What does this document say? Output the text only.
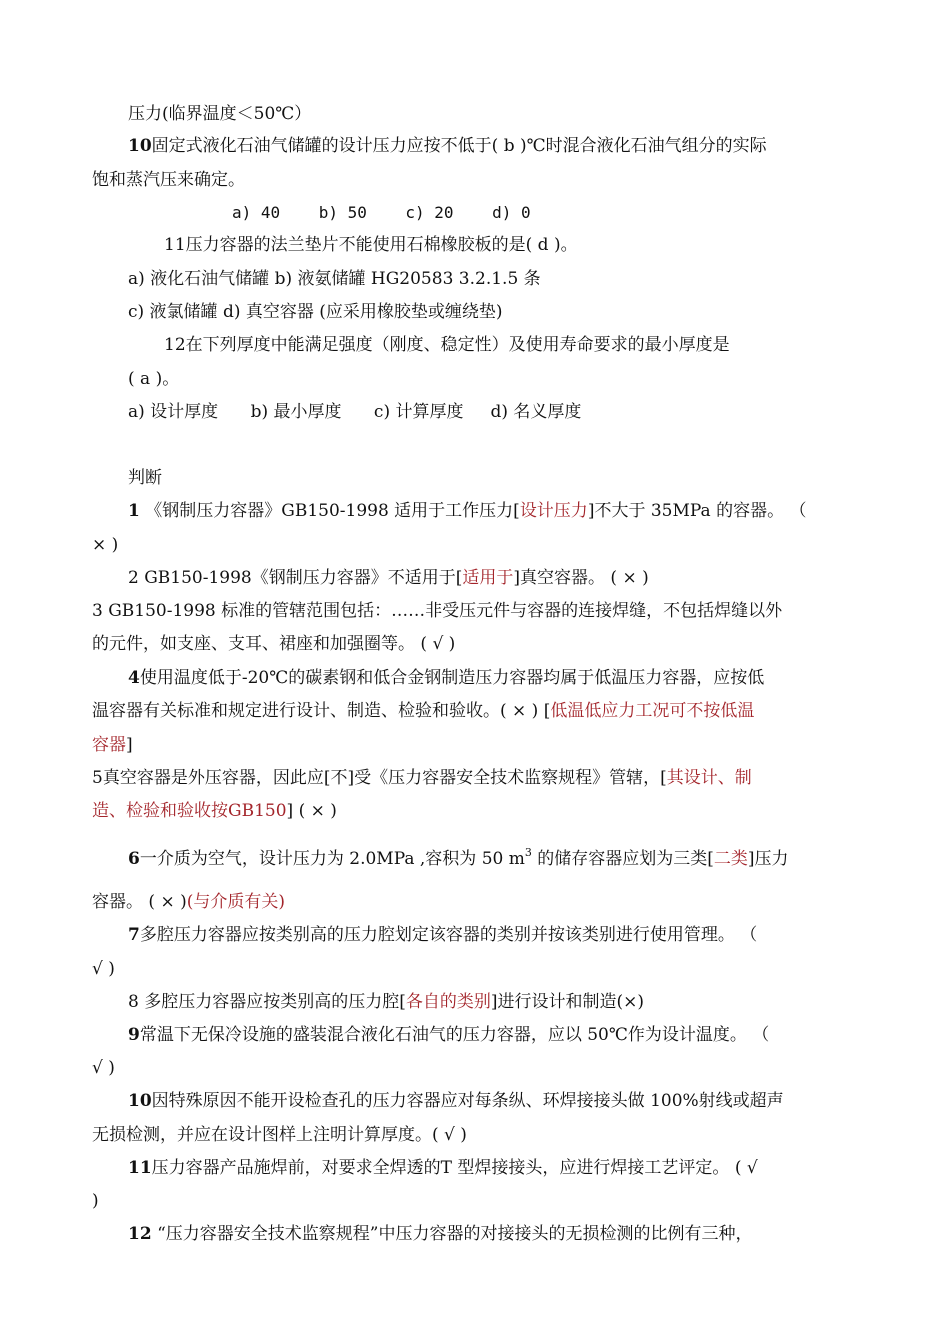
压力(临界温度＜50℃）
10固定式液化石油气储罐的设计压力应按不低于( b )℃时混合液化石油气组分的实际
饱和蒸汽压来确定。
a) 40    b) 50    c) 20    d) 0
11压力容器的法兰垫片不能使用石棉橡胶板的是( d )。
a) 液化石油气储罐 b) 液氨储罐 HG20583 3.2.1.5 条
c) 液氯储罐 d) 真空容器 (应采用橡胶垫或缠绕垫)
12在下列厚度中能满足强度（刚度、稳定性）及使用寿命要求的最小厚度是
( a )。
a) 设计厚度      b) 最小厚度      c) 计算厚度     d) 名义厚度
判断
1 《钢制压力容器》GB150-1998 适用于工作压力[设计压力]不大于 35MPa 的容器。 （
× )
2 GB150-1998《钢制压力容器》不适用于[适用于]真空容器。 ( × )
3 GB150-1998 标准的管辖范围包括：……非受压元件与容器的连接焊缝，不包括焊缝以外
的元件，如支座、支耳、裙座和加强圈等。 ( √ )
4使用温度低于-20℃的碳素钢和低合金钢制造压力容器均属于低温压力容器，应按低
温容器有关标准和规定进行设计、制造、检验和验收。( × ) [低温低应力工况可不按低温
容器]
5真空容器是外压容器，因此应[不]受《压力容器安全技术监察规程》管辖，[其设计、制
造、检验和验收按GB150] ( × )
6一介质为空气，设计压力为 2.0MPa ,容积为 50 $m^3$ 的储存容器应划为三类[二类]压力
容器。 ( × )(与介质有关)
7多腔压力容器应按类别高的压力腔划定该容器的类别并按该类别进行使用管理。 （
√ )
8 多腔压力容器应按类别高的压力腔[各自的类别]进行设计和制造(×)
9常温下无保冷设施的盛装混合液化石油气的压力容器，应以 50℃作为设计温度。 （
√ )
10因特殊原因不能开设检查孔的压力容器应对每条纵、环焊接接头做 100%射线或超声
无损检测，并应在设计图样上注明计算厚度。( √ )
11压力容器产品施焊前，对要求全焊透的T 型焊接接头，应进行焊接工艺评定。 ( √
)
12 “压力容器安全技术监察规程”中压力容器的对接接头的无损检测的比例有三种，
